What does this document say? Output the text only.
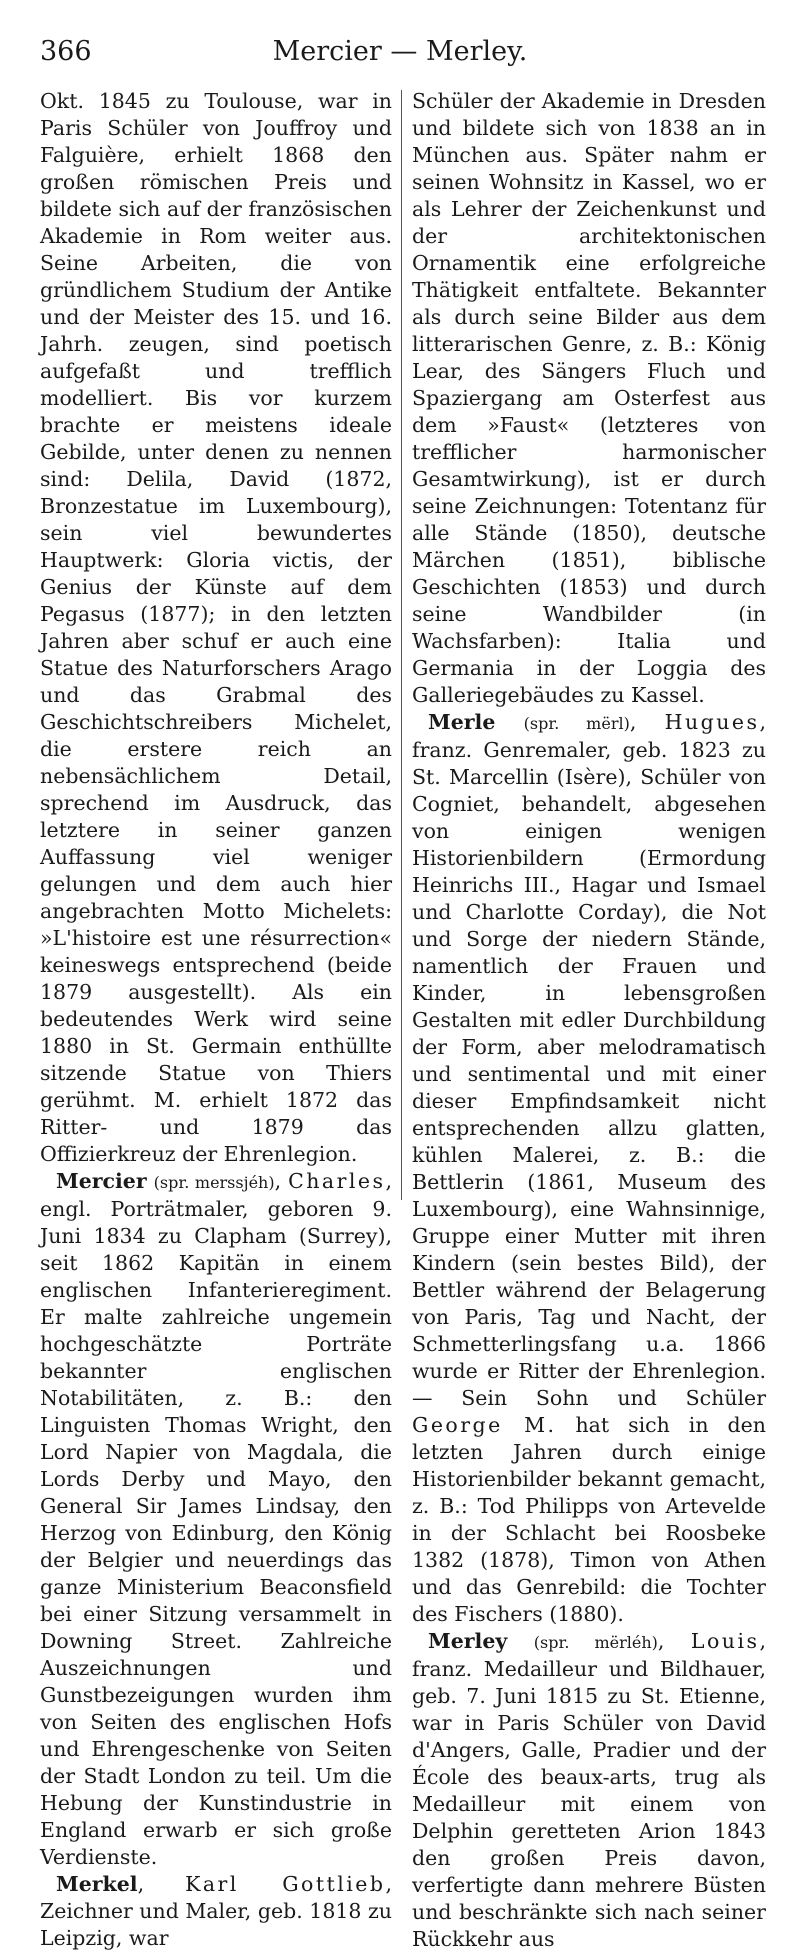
366	Mercier — Merley.

Okt. 1845 zu Toulouse, war in Paris Schüler von Jouffroy und Falguière, erhielt 1868 den großen römischen Preis und bildete sich auf der französischen Akademie in Rom weiter aus. Seine Arbeiten, die von gründlichem Studium der Antike und der Meister des 15. und 16. Jahrh. zeugen, sind poetisch aufgefaßt und trefflich modelliert. Bis vor kurzem brachte er meistens ideale Gebilde, unter denen zu nennen sind: Delila, David (1872, Bronzestatue im Luxembourg), sein viel bewundertes Hauptwerk: Gloria victis, der Genius der Künste auf dem Pegasus (1877); in den letzten Jahren aber schuf er auch eine Statue des Naturforschers Arago und das Grabmal des Geschichtschreibers Michelet, die erstere reich an nebensächlichem Detail, sprechend im Ausdruck, das letztere in seiner ganzen Auffassung viel weniger gelungen und dem auch hier angebrachten Motto Michelets: »L'histoire est une résurrection« keineswegs entsprechend (beide 1879 ausgestellt). Als ein bedeutendes Werk wird seine 1880 in St. Germain enthüllte sitzende Statue von Thiers gerühmt. M. erhielt 1872 das Ritter- und 1879 das Offizierkreuz der Ehrenlegion.

Mercier (spr. merssjéh), Charles, engl. Porträtmaler, geboren 9. Juni 1834 zu Clapham (Surrey), seit 1862 Kapitän in einem englischen Infanterieregiment. Er malte zahlreiche ungemein hochgeschätzte Porträte bekannter englischen Notabilitäten, z. B.: den Linguisten Thomas Wright, den Lord Napier von Magdala, die Lords Derby und Mayo, den General Sir James Lindsay, den Herzog von Edinburg, den König der Belgier und neuerdings das ganze Ministerium Beaconsfield bei einer Sitzung versammelt in Downing Street. Zahlreiche Auszeichnungen und Gunstbezeigungen wurden ihm von Seiten des englischen Hofs und Ehrengeschenke von Seiten der Stadt London zu teil. Um die Hebung der Kunstindustrie in England erwarb er sich große Verdienste.

Merkel, Karl Gottlieb, Zeichner und Maler, geb. 1818 zu Leipzig, war

Schüler der Akademie in Dresden und bildete sich von 1838 an in München aus. Später nahm er seinen Wohnsitz in Kassel, wo er als Lehrer der Zeichenkunst und der architektonischen Ornamentik eine erfolgreiche Thätigkeit entfaltete. Bekannter als durch seine Bilder aus dem litterarischen Genre, z. B.: König Lear, des Sängers Fluch und Spaziergang am Osterfest aus dem »Faust« (letzteres von trefflicher harmonischer Gesamtwirkung), ist er durch seine Zeichnungen: Totentanz für alle Stände (1850), deutsche Märchen (1851), biblische Geschichten (1853) und durch seine Wandbilder (in Wachsfarben): Italia und Germania in der Loggia des Galleriegebäudes zu Kassel.

Merle (spr. mërl), Hugues, franz. Genremaler, geb. 1823 zu St. Marcellin (Isère), Schüler von Cogniet, behandelt, abgesehen von einigen wenigen Historienbildern (Ermordung Heinrichs III., Hagar und Ismael und Charlotte Corday), die Not und Sorge der niedern Stände, namentlich der Frauen und Kinder, in lebensgroßen Gestalten mit edler Durchbildung der Form, aber melodramatisch und sentimental und mit einer dieser Empfindsamkeit nicht entsprechenden allzu glatten, kühlen Malerei, z. B.: die Bettlerin (1861, Museum des Luxembourg), eine Wahnsinnige, Gruppe einer Mutter mit ihren Kindern (sein bestes Bild), der Bettler während der Belagerung von Paris, Tag und Nacht, der Schmetterlingsfang u.a. 1866 wurde er Ritter der Ehrenlegion. — Sein Sohn und Schüler George M. hat sich in den letzten Jahren durch einige Historienbilder bekannt gemacht, z. B.: Tod Philipps von Artevelde in der Schlacht bei Roosbeke 1382 (1878), Timon von Athen und das Genrebild: die Tochter des Fischers (1880).

Merley (spr. mërléh), Louis, franz. Medailleur und Bildhauer, geb. 7. Juni 1815 zu St. Etienne, war in Paris Schüler von David d'Angers, Galle, Pradier und der École des beaux-arts, trug als Medailleur mit einem von Delphin geretteten Arion 1843 den großen Preis davon, verfertigte dann mehrere Büsten und beschränkte sich nach seiner Rückkehr aus
